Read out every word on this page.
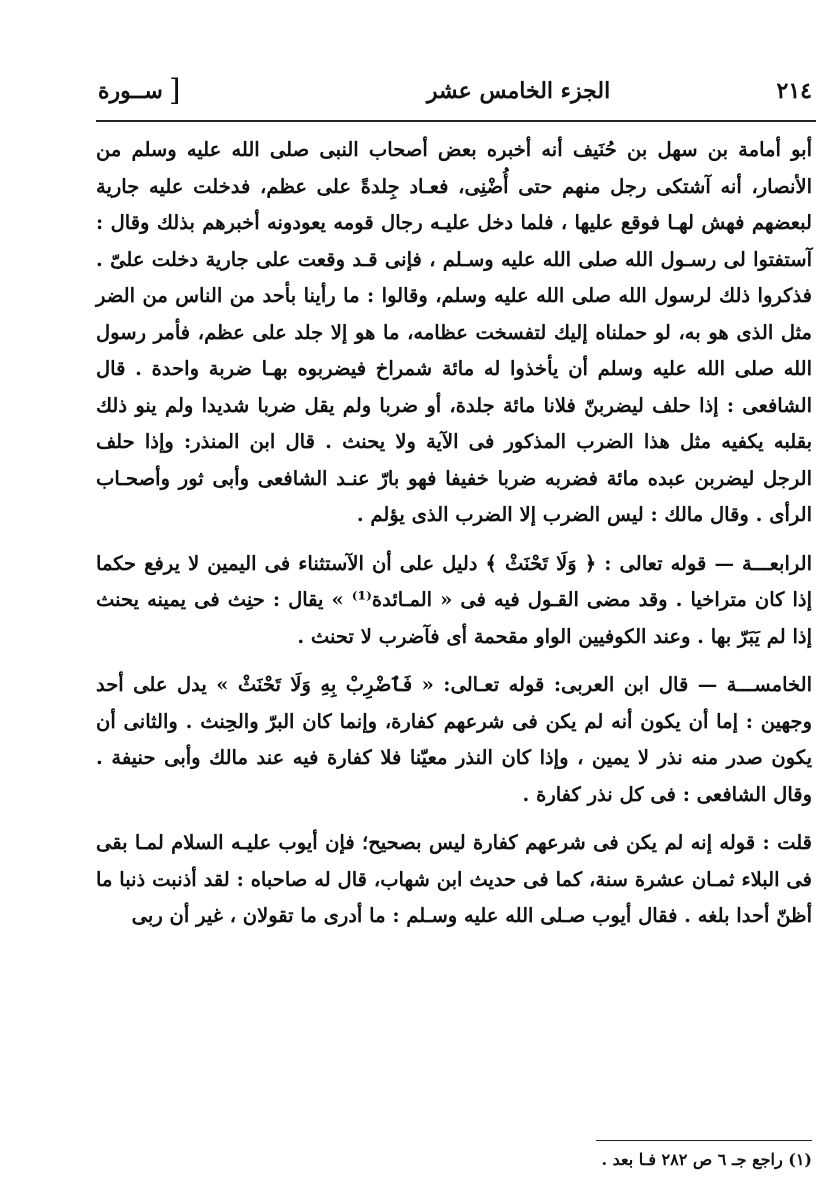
٢١٤
الجزء الخامس عشر
[
ســورة

أبو أمامة بن سهل بن حُنَيف أنه أخبره بعض أصحاب النبى صلى الله عليه وسلم من الأنصار، أنه آشتكى رجل منهم حتى أُضْنِى، فعـاد جِلدةً على عظم، فدخلت عليه جارية لبعضهم فهش لهـا فوقع عليها ، فلما دخل عليـه رجال قومه يعودونه أخبرهم بذلك وقال : آستفتوا لى رسـول الله صلى الله عليه وسـلم ، فإنى قـد وقعت على جارية دخلت علىّ . فذكروا ذلك لرسول الله صلى الله عليه وسلم، وقالوا : ما رأينا بأحد من الناس من الضر مثل الذى هو به، لو حملناه إليك لتفسخت عظامه، ما هو إلا جلد على عظم، فأمر رسول الله صلى الله عليه وسلم أن يأخذوا له مائة شمراخ فيضربوه بهـا ضربة واحدة . قال الشافعى : إذا حلف ليضربنّ فلانا مائة جلدة، أو ضربا ولم يقل ضربا شديدا ولم ينو ذلك بقلبه يكفيه مثل هذا الضرب المذكور فى الآية ولا يحنث . قال ابن المنذر: وإذا حلف الرجل ليضربن عبده مائة فضربه ضربا خفيفا فهو بارّ عنـد الشافعى وأبى ثور وأصحـاب الرأى . وقال مالك : ليس الضرب إلا الضرب الذى يؤلم .

الرابعـــة — قوله تعالى : ﴿ وَلَا تَحْنَثْ ﴾ دليل على أن الآستثناء فى اليمين لا يرفع حكما إذا كان متراخيا . وقد مضى القـول فيه فى « المـائدة⁽¹⁾ » يقال : حنِث فى يمينه يحنث إذا لم يَبَرّ بها . وعند الكوفيين الواو مقحمة أى فآضرب لا تحنث .

الخامســـة — قال ابن العربى: قوله تعـالى: « فَٱضْرِبْ بِهِ وَلَا تَحْنَثْ » يدل على أحد وجهين : إما أن يكون أنه لم يكن فى شرعهم كفارة، وإنما كان البرّ والحِنث . والثانى أن يكون صدر منه نذر لا يمين ، وإذا كان النذر معيّنا فلا كفارة فيه عند مالك وأبى حنيفة . وقال الشافعى : فى كل نذر كفارة .

قلت : قوله إنه لم يكن فى شرعهم كفارة ليس بصحيح؛ فإن أيوب عليـه السلام لمـا بقى فى البلاء ثمـان عشرة سنة، كما فى حديث ابن شهاب، قال له صاحباه : لقد أذنبت ذنبا ما أظنّ أحدا بلغه . فقال أيوب صـلى الله عليه وسـلم : ما أدرى ما تقولان ، غير أن ربى

(١) راجع جـ ٦ ص ٢٨٢ فـا بعد .
